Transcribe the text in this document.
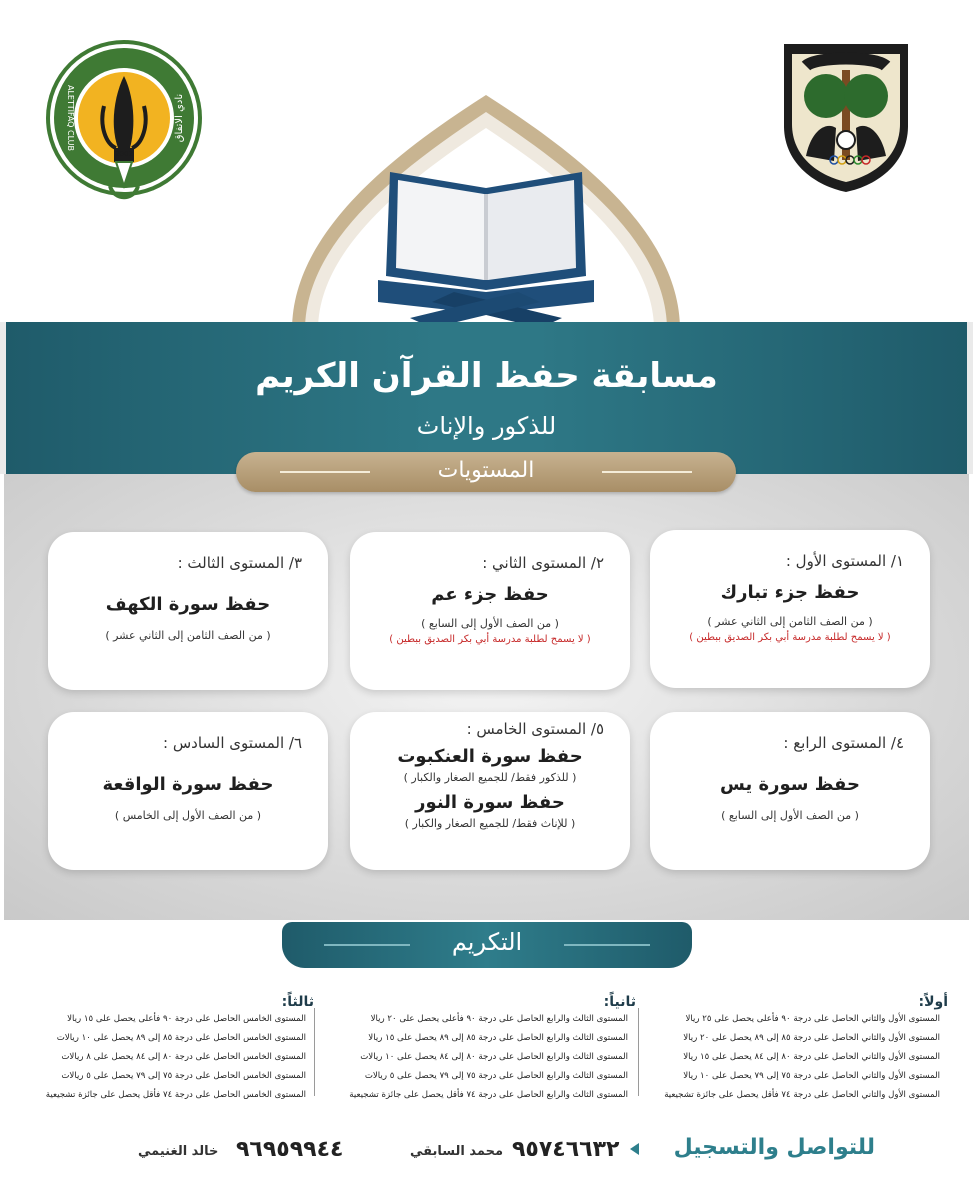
2002
ALETTIFAQ CLUB	نادي الاتفاق
مسابقة حفظ القرآن الكريم
للذكور والإناث
١/ المستوى الأول :
حفظ جزء تبارك
( من الصف الثامن إلى الثاني عشر )
( لا يسمح لطلبة مدرسة أبي بكر الصديق ببطين )
٢/ المستوى الثاني :
حفظ جزء عم
( من الصف الأول إلى السابع )
( لا يسمح لطلبة مدرسة أبي بكر الصديق ببطين )
٣/ المستوى الثالث :
حفظ سورة الكهف
( من الصف الثامن إلى الثاني عشر )
٤/ المستوى الرابع :
حفظ سورة يس
( من الصف الأول إلى السابع )
٥/ المستوى الخامس :
حفظ سورة العنكبوت
( للذكور فقط/ للجميع الصغار والكبار )
حفظ سورة النور
( للإناث فقط/ للجميع الصغار والكبار )
٦/ المستوى السادس :
حفظ سورة الواقعة
( من الصف الأول إلى الخامس )
المستويات
التكريم
أولاً:
المستوى الأول والثاني الحاصل على درجة ٩٠ فأعلى يحصل على ٢٥ ريالا
المستوى الأول والثاني الحاصل على درجة ٨٥ إلى ٨٩ يحصل على ٢٠ ريالا
المستوى الأول والثاني الحاصل على درجة ٨٠ إلى ٨٤ يحصل على ١٥ ريالا
المستوى الأول والثاني الحاصل على درجة ٧٥ إلى ٧٩ يحصل على ١٠ ريالا
المستوى الأول والثاني الحاصل على درجة ٧٤ فأقل يحصل على جائزة تشجيعية
ثانياً:
المستوى الثالث والرابع الحاصل على درجة ٩٠ فأعلى يحصل على ٢٠ ريالا
المستوى الثالث والرابع الحاصل على درجة ٨٥ إلى ٨٩ يحصل على ١٥ ريالا
المستوى الثالث والرابع الحاصل على درجة ٨٠ إلى ٨٤ يحصل على ١٠ ريالات
المستوى الثالث والرابع الحاصل على درجة ٧٥ إلى ٧٩ يحصل على ٥ ريالات
المستوى الثالث والرابع الحاصل على درجة ٧٤ فأقل يحصل على جائزة تشجيعية
ثالثاً:
المستوى الخامس الحاصل على درجة ٩٠ فأعلى يحصل على ١٥ ريالا
المستوى الخامس الحاصل على درجة ٨٥ إلى ٨٩ يحصل على ١٠ ريالات
المستوى الخامس الحاصل على درجة ٨٠ إلى ٨٤ يحصل على ٨ ريالات
المستوى الخامس الحاصل على درجة ٧٥ إلى ٧٩ يحصل على ٥ ريالات
المستوى الخامس الحاصل على درجة ٧٤ فأقل يحصل على جائزة تشجيعية
للتواصل والتسجيل
٩٥٧٤٦٦٣٢
محمد السابقي
٩٦٩٥٩٩٤٤
خالد الغنيمي
